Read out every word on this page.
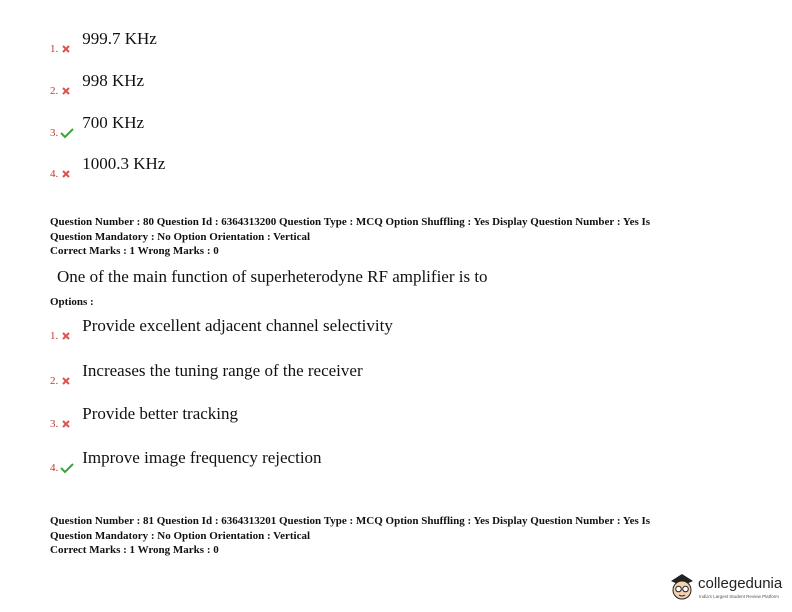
1.
999.7 KHz
2.
998 KHz
3.
700 KHz
4.
1000.3 KHz
Question Number : 80 Question Id : 6364313200 Question Type : MCQ Option Shuffling : Yes Display Question Number : Yes Is
Question Mandatory : No Option Orientation : Vertical
Correct Marks : 1 Wrong Marks : 0
One of the main function of superheterodyne RF amplifier is to
Options :
1.
Provide excellent adjacent channel selectivity
2.
Increases the tuning range of the receiver
3.
Provide better tracking
4.
Improve image frequency rejection
Question Number : 81 Question Id : 6364313201 Question Type : MCQ Option Shuffling : Yes Display Question Number : Yes Is
Question Mandatory : No Option Orientation : Vertical
Correct Marks : 1 Wrong Marks : 0
collegedunia
India's Largest Student Review Platform
